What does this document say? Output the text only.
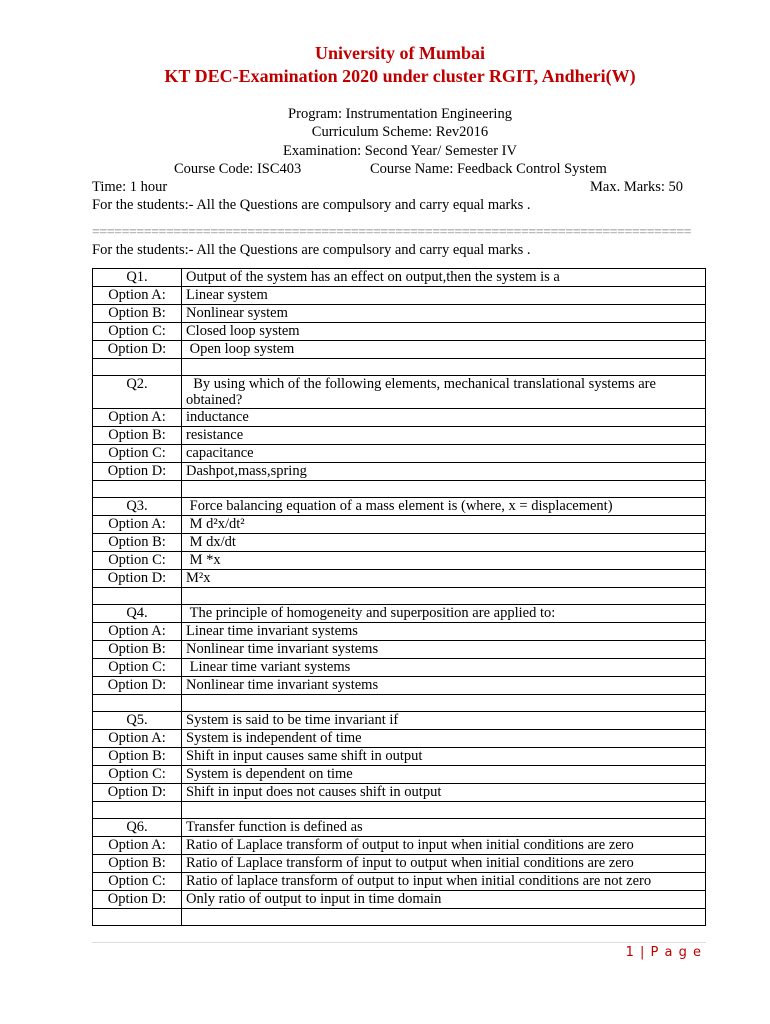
University of Mumbai
KT DEC-Examination 2020 under cluster RGIT, Andheri(W)
Program: Instrumentation Engineering
Curriculum Scheme: Rev2016
Examination: Second Year/ Semester IV
Course Code: ISC403	Course Name: Feedback Control System
Time: 1 hour	Max. Marks: 50
For the students:- All the Questions are compulsory and carry equal marks .
=================================================================================
For the students:- All the Questions are compulsory and carry equal marks .
Q1.	Output of the system has an effect on output,then the system is a
Option A:	Linear system
Option B:	Nonlinear system
Option C:	Closed loop system
Option D:	Open loop system

Q2.	By using which of the following elements, mechanical translational systems are obtained?
Option A:	inductance
Option B:	resistance
Option C:	capacitance
Option D:	Dashpot,mass,spring

Q3.	Force balancing equation of a mass element is (where, x = displacement)
Option A:	M d²x/dt²
Option B:	M dx/dt
Option C:	M *x
Option D:	M²x

Q4.	The principle of homogeneity and superposition are applied to:
Option A:	Linear time invariant systems
Option B:	Nonlinear time invariant systems
Option C:	Linear time variant systems
Option D:	Nonlinear time invariant systems

Q5.	System is said to be time invariant if
Option A:	System is independent of time
Option B:	Shift in input causes same shift in output
Option C:	System is dependent on time
Option D:	Shift in input does not causes shift in output

Q6.	Transfer function is defined as
Option A:	Ratio of Laplace transform of output to input when initial conditions are zero
Option B:	Ratio of Laplace transform of input to output when initial conditions are zero
Option C:	Ratio of laplace transform of output to input when initial conditions are not zero
Option D:	Only ratio of output to input in time domain

1 | P a g e
